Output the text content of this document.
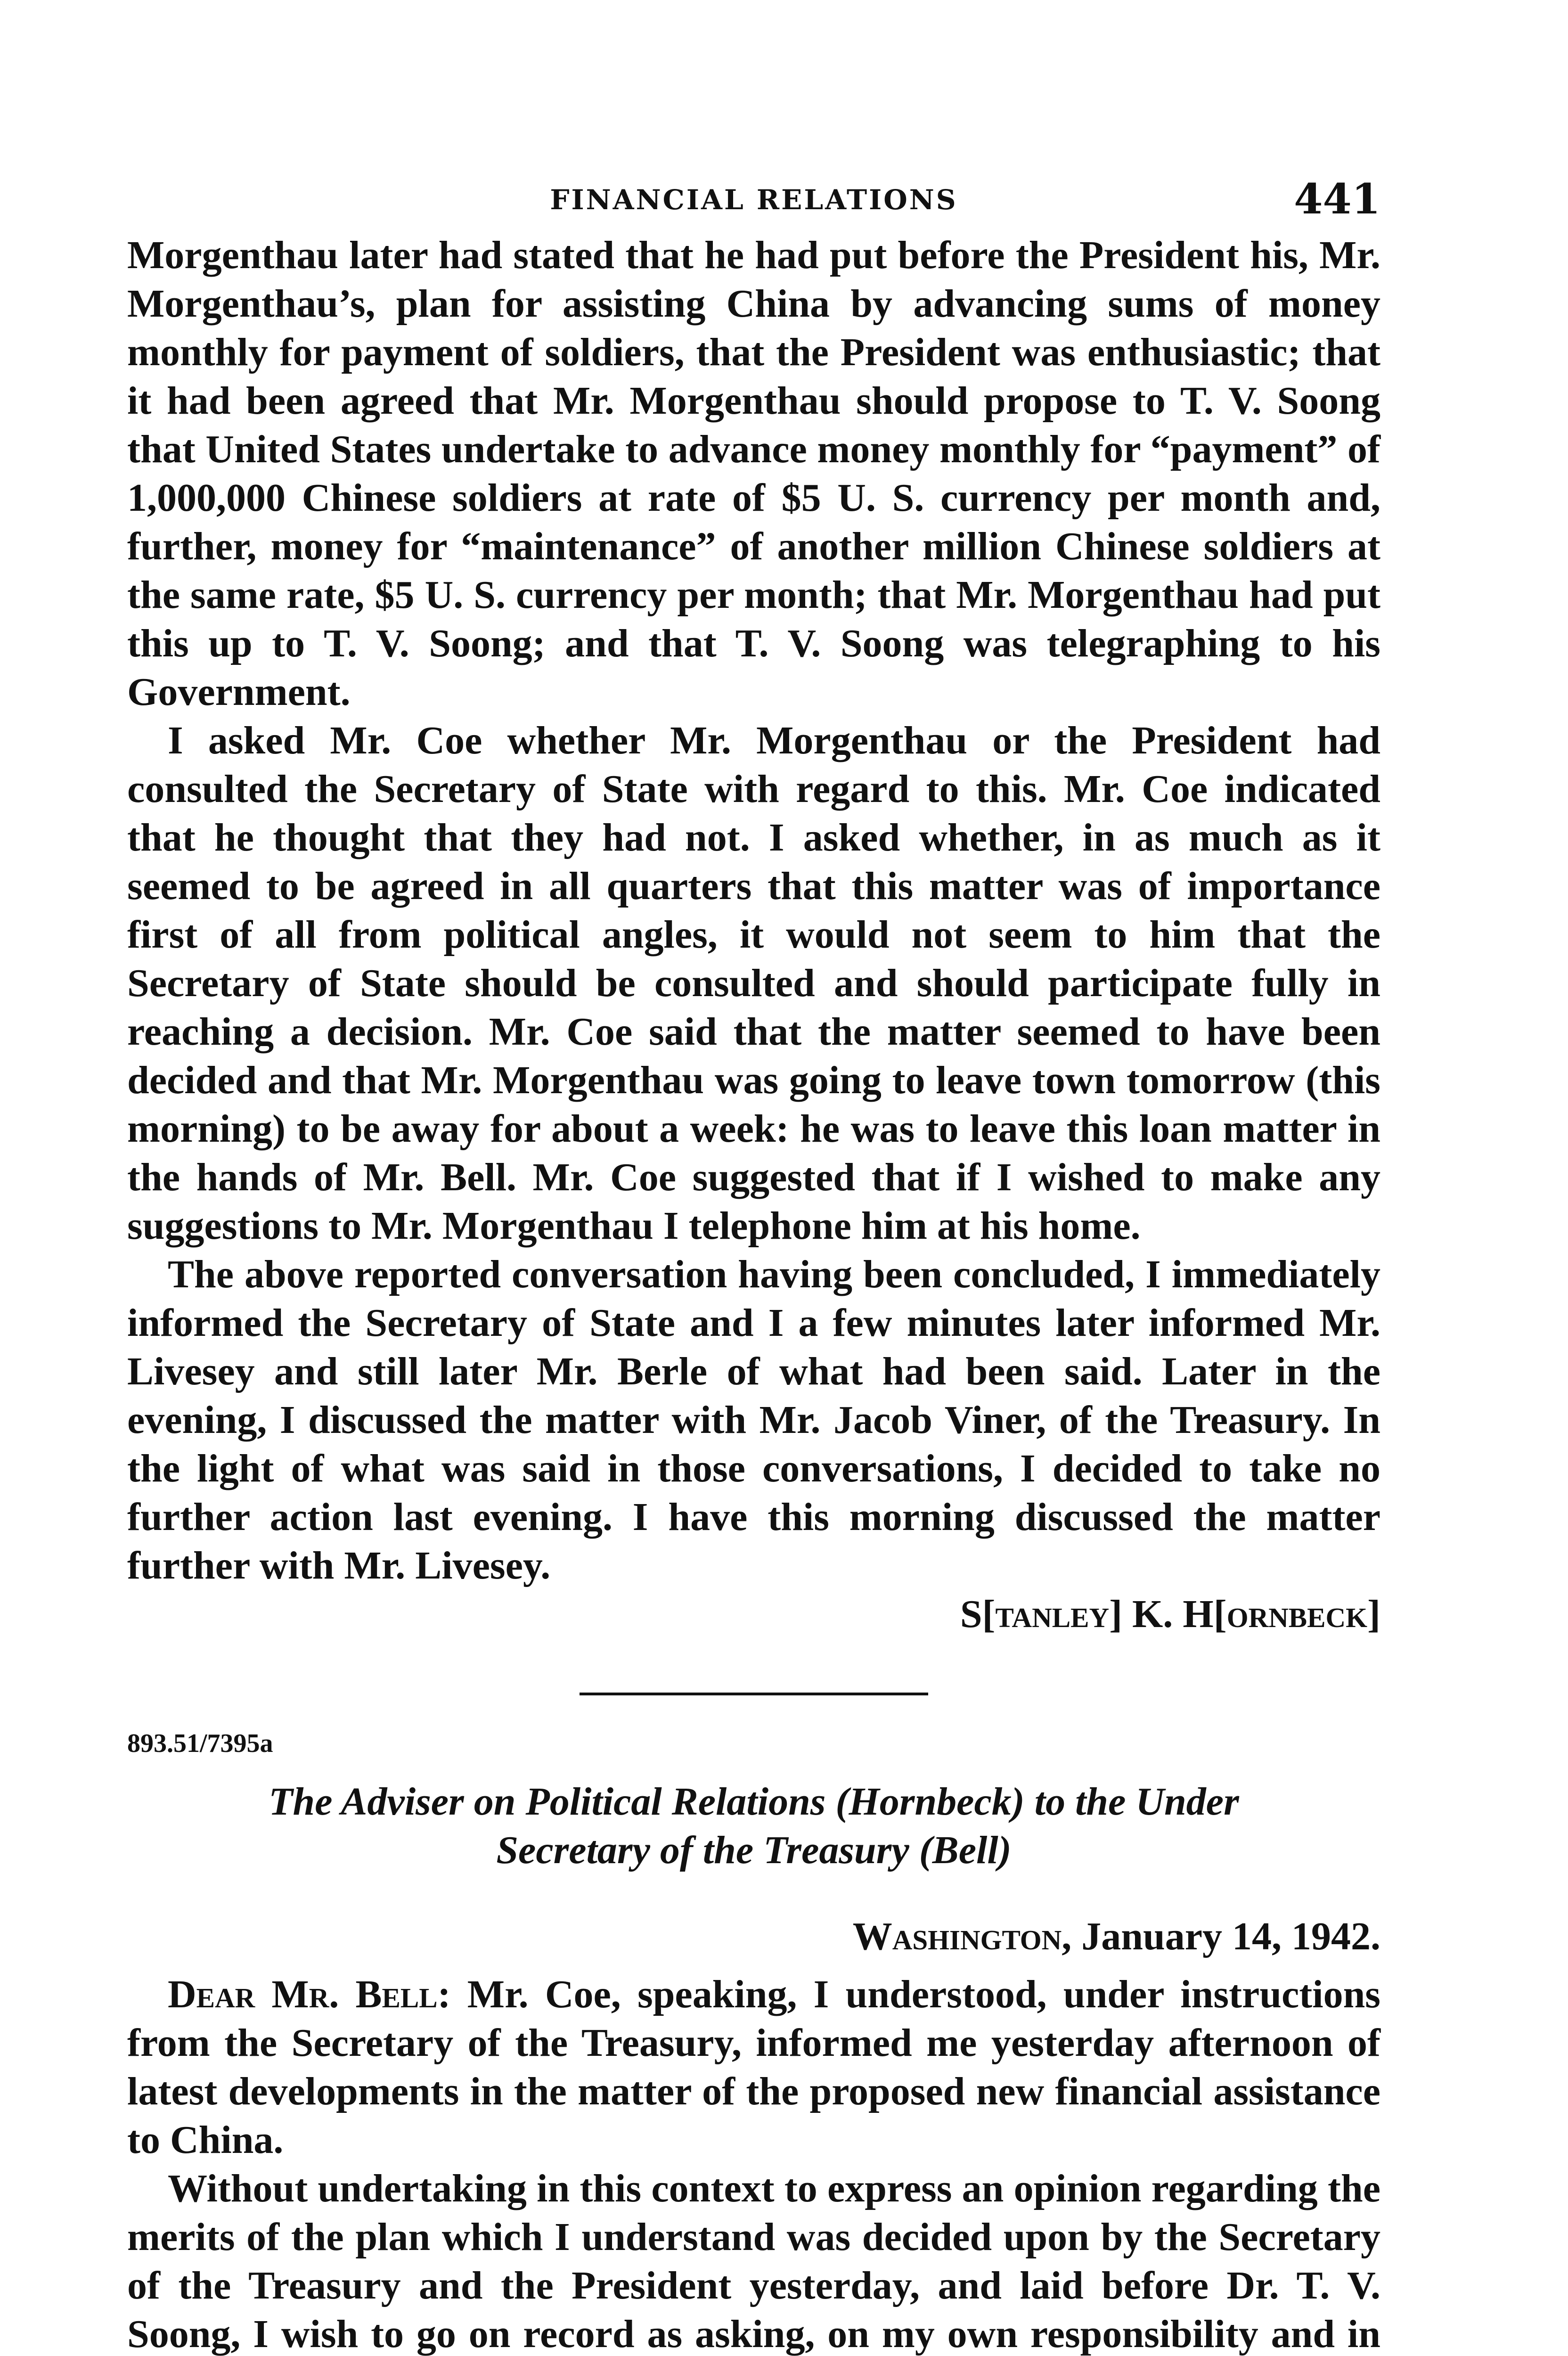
FINANCIAL RELATIONS	441

Morgenthau later had stated that he had put before the President his, Mr. Morgenthau’s, plan for assisting China by advancing sums of money monthly for payment of soldiers, that the President was enthusiastic; that it had been agreed that Mr. Morgenthau should propose to T. V. Soong that United States undertake to advance money monthly for “payment” of 1,000,000 Chinese soldiers at rate of $5 U. S. currency per month and, further, money for “maintenance” of another million Chinese soldiers at the same rate, $5 U. S. currency per month; that Mr. Morgenthau had put this up to T. V. Soong; and that T. V. Soong was telegraphing to his Government.

I asked Mr. Coe whether Mr. Morgenthau or the President had consulted the Secretary of State with regard to this. Mr. Coe indicated that he thought that they had not. I asked whether, in as much as it seemed to be agreed in all quarters that this matter was of importance first of all from political angles, it would not seem to him that the Secretary of State should be consulted and should participate fully in reaching a decision. Mr. Coe said that the matter seemed to have been decided and that Mr. Morgenthau was going to leave town tomorrow (this morning) to be away for about a week: he was to leave this loan matter in the hands of Mr. Bell. Mr. Coe suggested that if I wished to make any suggestions to Mr. Morgenthau I telephone him at his home.

The above reported conversation having been concluded, I immediately informed the Secretary of State and I a few minutes later informed Mr. Livesey and still later Mr. Berle of what had been said. Later in the evening, I discussed the matter with Mr. Jacob Viner, of the Treasury. In the light of what was said in those conversations, I decided to take no further action last evening. I have this morning discussed the matter further with Mr. Livesey.

S[tanley] K. H[ornbeck]

893.51/7395a

The Adviser on Political Relations (Hornbeck) to the Under
Secretary of the Treasury (Bell)

Washington, January 14, 1942.

Dear Mr. Bell: Mr. Coe, speaking, I understood, under instructions from the Secretary of the Treasury, informed me yesterday afternoon of latest developments in the matter of the proposed new financial assistance to China.

Without undertaking in this context to express an opinion regarding the merits of the plan which I understand was decided upon by the Secretary of the Treasury and the President yesterday, and laid before Dr. T. V. Soong, I wish to go on record as asking, on my own responsibility and in
